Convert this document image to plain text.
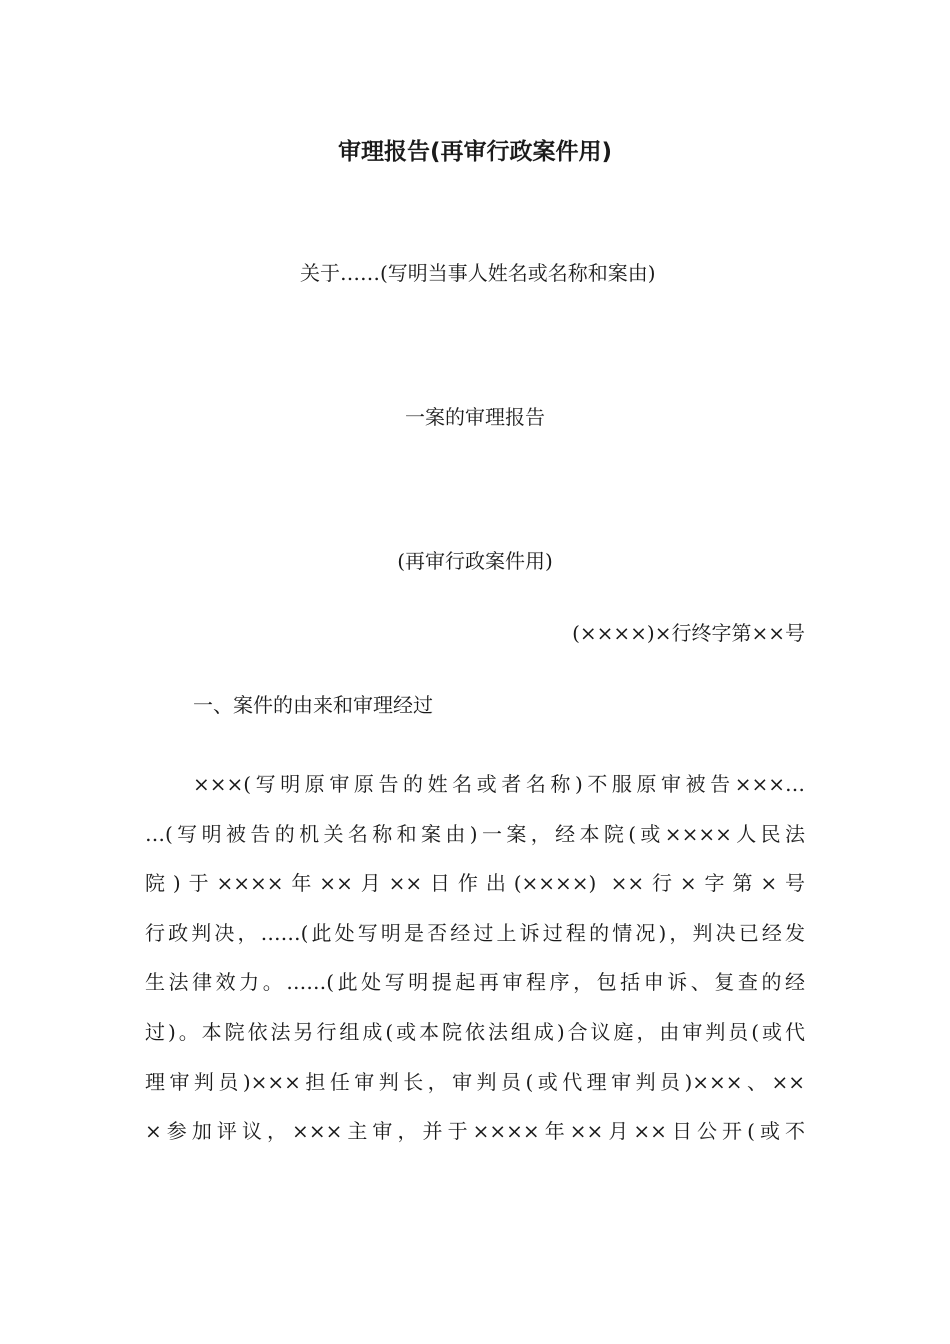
审理报告(再审行政案件用)
关于……(写明当事人姓名或名称和案由)
一案的审理报告
(再审行政案件用)
(××××)×行终字第××号
一、案件的由来和审理经过
×××(写明原审原告的姓名或者名称)不服原审被告×××…
…(写明被告的机关名称和案由)一案，经本院(或××××人民法
院)于××××年××月××日作出(××××) ××行×字第×号
行政判决，……(此处写明是否经过上诉过程的情况)，判决已经发
生法律效力。……(此处写明提起再审程序，包括申诉、复查的经
过)。本院依法另行组成(或本院依法组成)合议庭，由审判员(或代
理审判员)×××担任审判长，审判员(或代理审判员)×××、××
×参加评议，×××主审，并于××××年××月××日公开(或不
